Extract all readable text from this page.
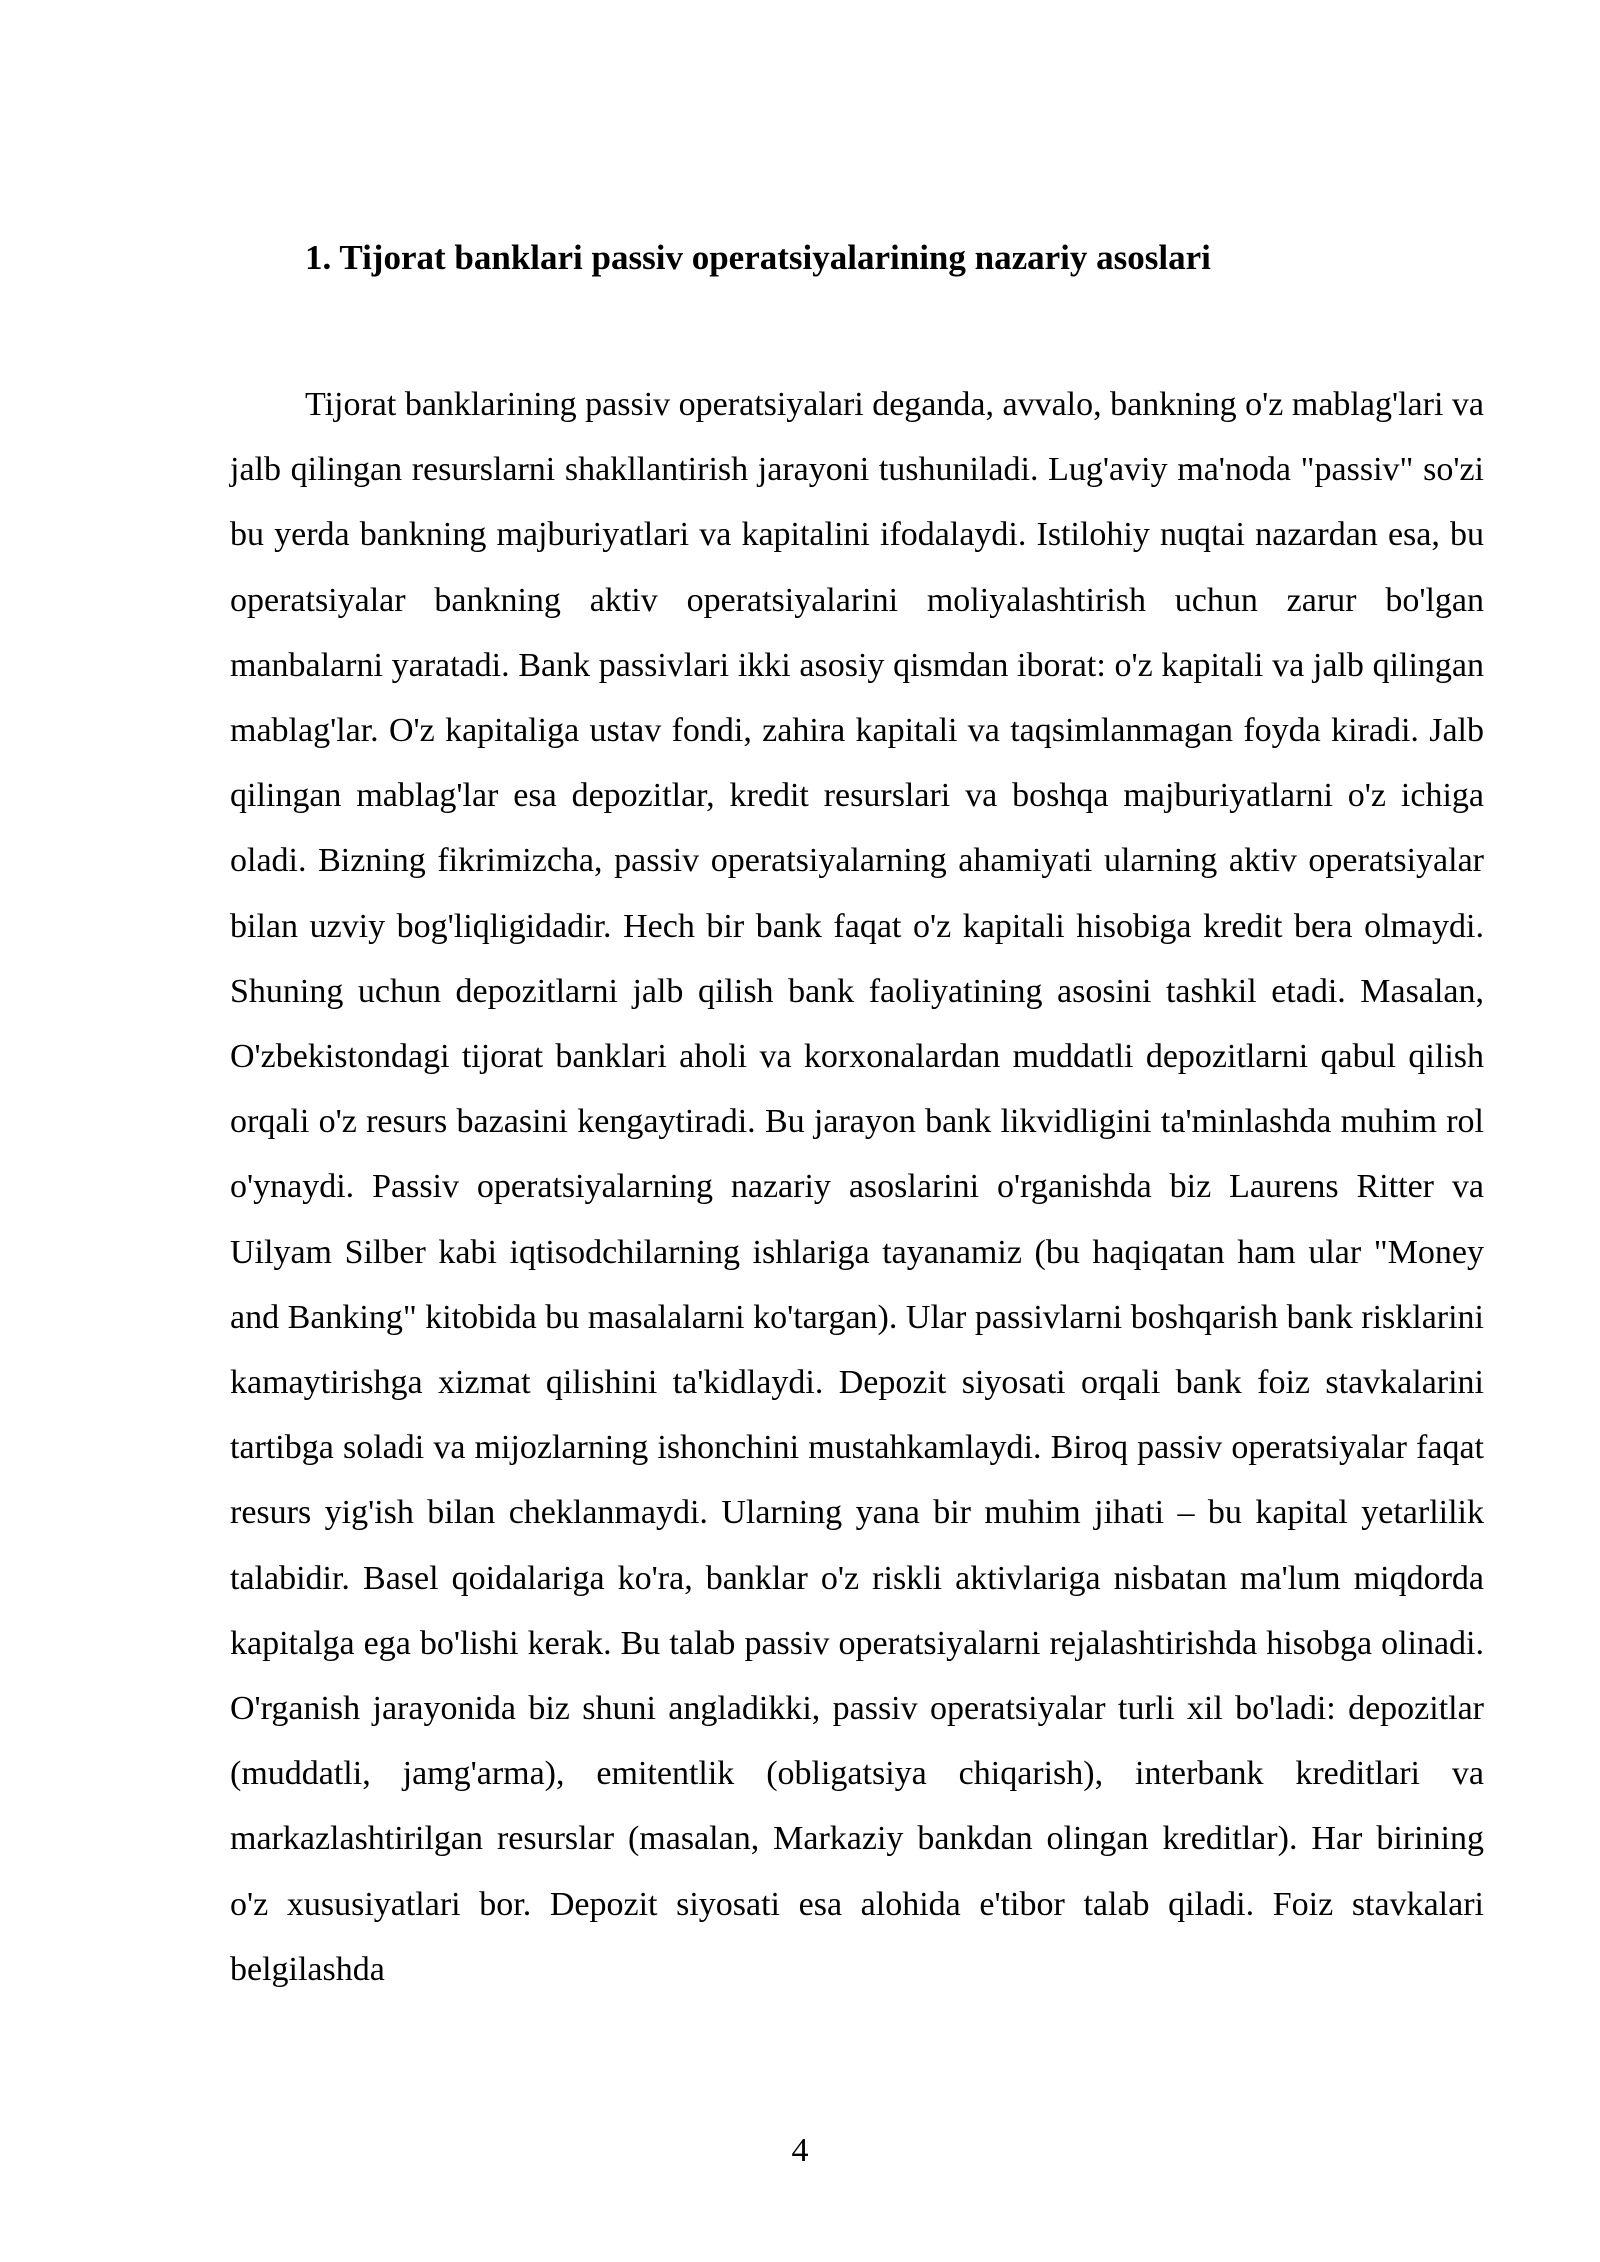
1. Tijorat banklari passiv operatsiyalarining nazariy asoslari

Tijorat banklarining passiv operatsiyalari deganda, avvalo, bankning o'z mablag'lari va jalb qilingan resurslarni shakllantirish jarayoni tushuniladi. Lug'aviy ma'noda "passiv" so'zi bu yerda bankning majburiyatlari va kapitalini ifodalaydi. Istilohiy nuqtai nazardan esa, bu operatsiyalar bankning aktiv operatsiyalarini moliyalashtirish uchun zarur bo'lgan manbalarni yaratadi. Bank passivlari ikki asosiy qismdan iborat: o'z kapitali va jalb qilingan mablag'lar. O'z kapitaliga ustav fondi, zahira kapitali va taqsimlanmagan foyda kiradi. Jalb qilingan mablag'lar esa depozitlar, kredit resurslari va boshqa majburiyatlarni o'z ichiga oladi. Bizning fikrimizcha, passiv operatsiyalarning ahamiyati ularning aktiv operatsiyalar bilan uzviy bog'liqligidadir. Hech bir bank faqat o'z kapitali hisobiga kredit bera olmaydi. Shuning uchun depozitlarni jalb qilish bank faoliyatining asosini tashkil etadi. Masalan, O'zbekistondagi tijorat banklari aholi va korxonalardan muddatli depozitlarni qabul qilish orqali o'z resurs bazasini kengaytiradi. Bu jarayon bank likvidligini ta'minlashda muhim rol o'ynaydi. Passiv operatsiyalarning nazariy asoslarini o'rganishda biz Laurens Ritter va Uilyam Silber kabi iqtisodchilarning ishlariga tayanamiz (bu haqiqatan ham ular "Money and Banking" kitobida bu masalalarni ko'targan). Ular passivlarni boshqarish bank risklarini kamaytirishga xizmat qilishini ta'kidlaydi. Depozit siyosati orqali bank foiz stavkalarini tartibga soladi va mijozlarning ishonchini mustahkamlaydi. Biroq passiv operatsiyalar faqat resurs yig'ish bilan cheklanmaydi. Ularning yana bir muhim jihati – bu kapital yetarlilik talabidir. Basel qoidalariga ko'ra, banklar o'z riskli aktivlariga nisbatan ma'lum miqdorda kapitalga ega bo'lishi kerak. Bu talab passiv operatsiyalarni rejalashtirishda hisobga olinadi. O'rganish jarayonida biz shuni angladikki, passiv operatsiyalar turli xil bo'ladi: depozitlar (muddatli, jamg'arma), emitentlik (obligatsiya chiqarish), interbank kreditlari va markazlashtirilgan resurslar (masalan, Markaziy bankdan olingan kreditlar). Har birining o'z xususiyatlari bor. Depozit siyosati esa alohida e'tibor talab qiladi. Foiz stavkalari belgilashda

4
